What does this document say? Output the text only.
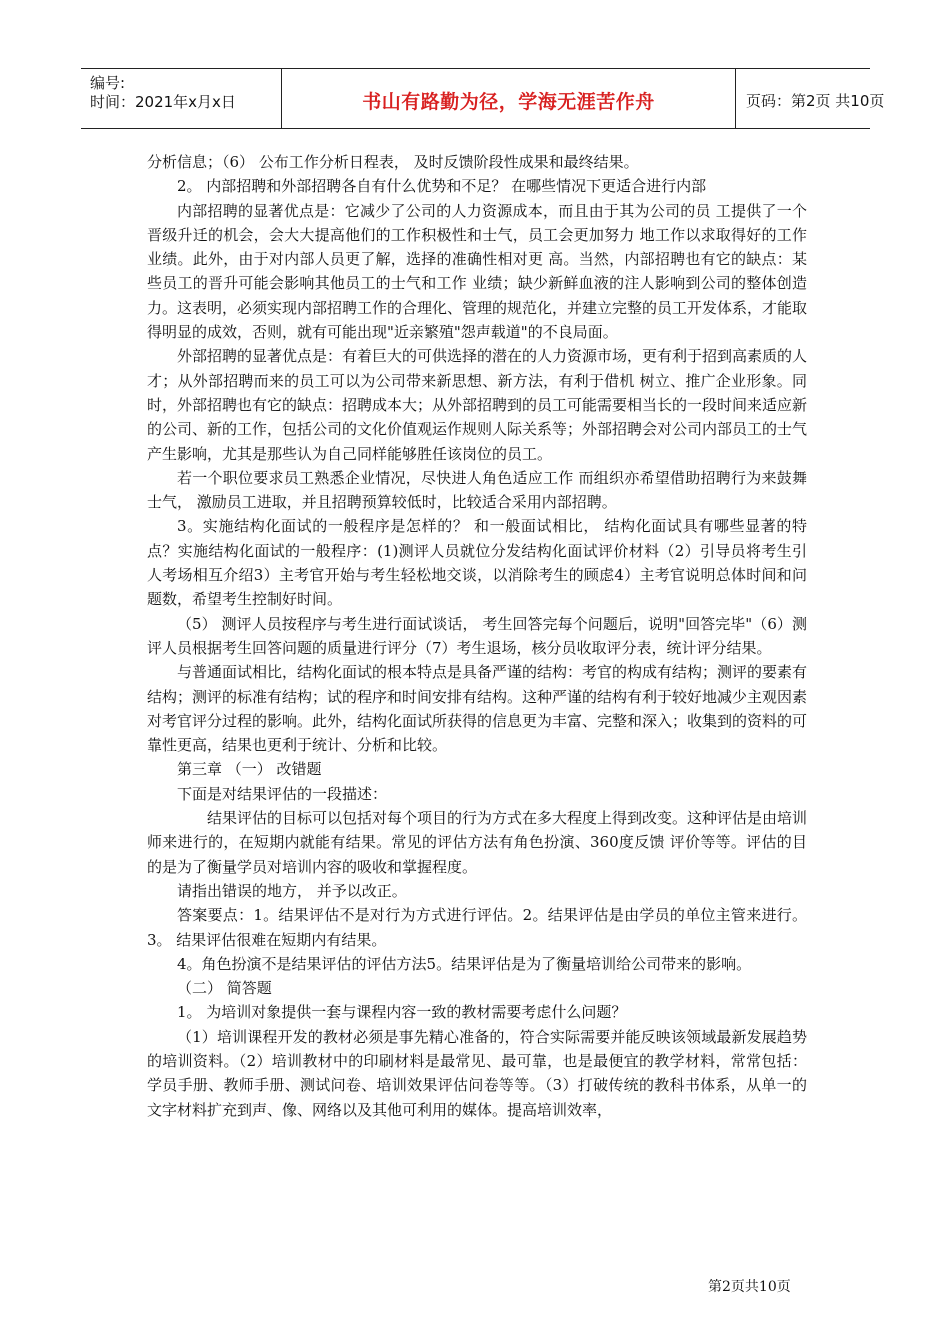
编号:
时间：2021年x月x日	书山有路勤为径，学海无涯苦作舟	页码：第2页 共10页

分析信息；（6） 公布工作分析日程表， 及时反馈阶段性成果和最终结果。

2。 内部招聘和外部招聘各自有什么优势和不足？ 在哪些情况下更适合进行内部

内部招聘的显著优点是：它减少了公司的人力资源成本，而且由于其为公司的员 工提供了一个晋级升迁的机会，会大大提高他们的工作积极性和士气，员工会更加努力 地工作以求取得好的工作业绩。此外，由于对内部人员更了解，选择的准确性相对更 高。当然，内部招聘也有它的缺点：某些员工的晋升可能会影响其他员工的士气和工作 业绩；缺少新鲜血液的注人影响到公司的整体创造力。这表明，必须实现内部招聘工作的合理化、管理的规范化，并建立完整的员工开发体系，才能取得明显的成效，否则，就有可能出现"近亲繁殖"怨声载道"的不良局面。

外部招聘的显著优点是：有着巨大的可供选择的潜在的人力资源市场，更有利于招到高素质的人才；从外部招聘而来的员工可以为公司带来新思想、新方法，有利于借机 树立、推广企业形象。同时，外部招聘也有它的缺点：招聘成本大；从外部招聘到的员工可能需要相当长的一段时间来适应新的公司、新的工作，包括公司的文化价值观运作规则人际关系等；外部招聘会对公司内部员工的士气产生影响，尤其是那些认为自己同样能够胜任该岗位的员工。

若一个职位要求员工熟悉企业情况，尽快进人角色适应工作 而组织亦希望借助招聘行为来鼓舞士气， 激励员工进取，并且招聘预算较低时，比较适合采用内部招聘。

3。实施结构化面试的一般程序是怎样的？ 和一般面试相比， 结构化面试具有哪些显著的特点？实施结构化面试的一般程序：(1)测评人员就位分发结构化面试评价材料（2）引导员将考生引人考场相互介绍3）主考官开始与考生轻松地交谈，以消除考生的顾虑4）主考官说明总体时间和问题数，希望考生控制好时间。

（5） 测评人员按程序与考生进行面试谈话， 考生回答完每个问题后，说明"回答完毕"（6）测评人员根据考生回答问题的质量进行评分（7）考生退场，核分员收取评分表，统计评分结果。

与普通面试相比，结构化面试的根本特点是具备严谨的结构：考官的构成有结构；测评的要素有结构；测评的标准有结构；试的程序和时间安排有结构。这种严谨的结构有利于较好地减少主观因素对考官评分过程的影响。此外，结构化面试所获得的信息更为丰富、完整和深入；收集到的资料的可靠性更高，结果也更利于统计、分析和比较。

第三章 （一） 改错题

下面是对结果评估的一段描述：

结果评估的目标可以包括对每个项目的行为方式在多大程度上得到改变。这种评估是由培训师来进行的，在短期内就能有结果。常见的评估方法有角色扮演、360度反馈 评价等等。评估的目的是为了衡量学员对培训内容的吸收和掌握程度。

请指出错误的地方， 并予以改正。

答案要点：1。结果评估不是对行为方式进行评估。2。结果评估是由学员的单位主管来进行。3。 结果评估很难在短期内有结果。

4。角色扮演不是结果评估的评估方法5。结果评估是为了衡量培训给公司带来的影响。

（二） 简答题

1。 为培训对象提供一套与课程内容一致的教材需要考虑什么问题？

（1）培训课程开发的教材必须是事先精心准备的，符合实际需要并能反映该领域最新发展趋势的培训资料。（2）培训教材中的印刷材料是最常见、最可靠，也是最便宜的教学材料，常常包括：学员手册、教师手册、测试问卷、培训效果评估问卷等等。（3）打破传统的教科书体系，从单一的文字材料扩充到声、像、网络以及其他可利用的媒体。提高培训效率，

第2页共10页
